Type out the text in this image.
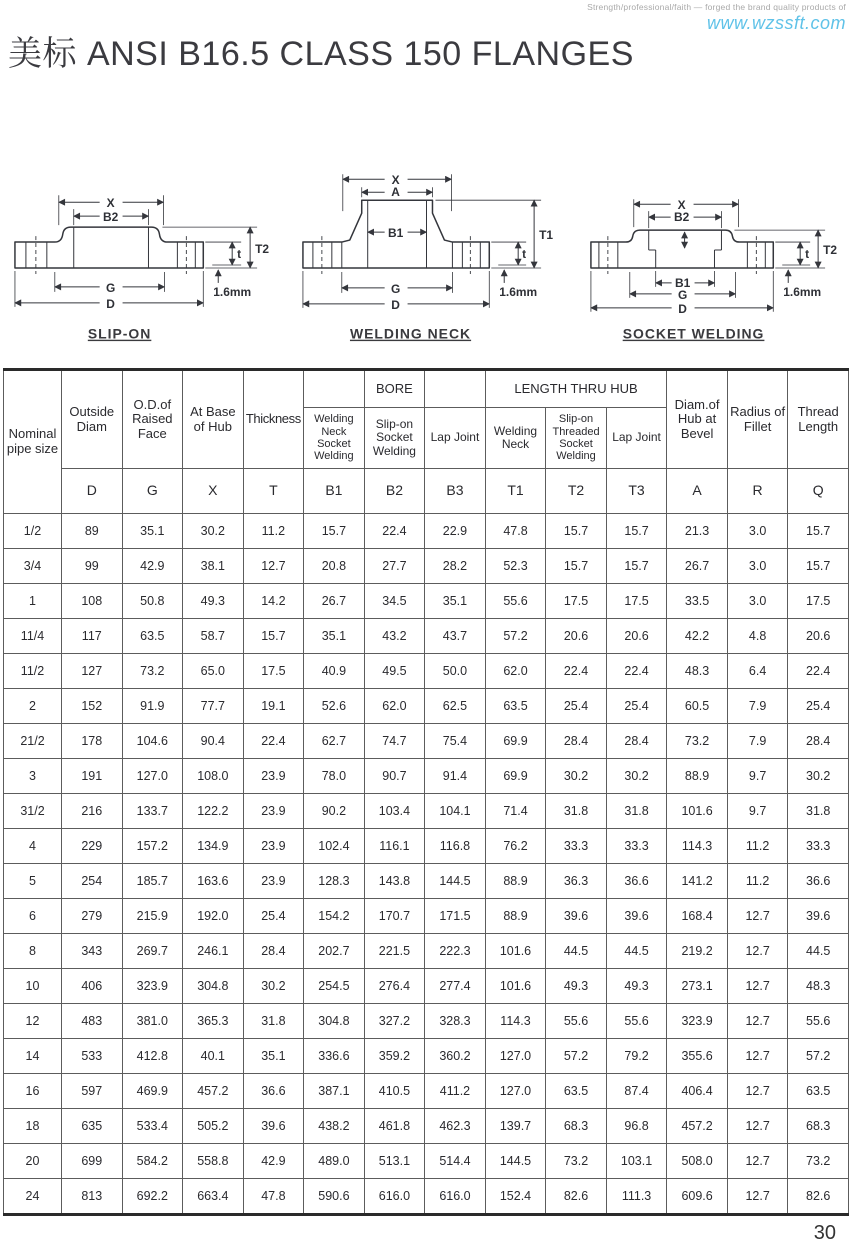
Strength/professional/faith — forged the brand quality products of
www.wzssft.com
美标 ANSI B16.5 CLASS 150 FLANGES
X
B2
t T2
1.6mm
G
D
SLIP-ON
X
A
B1	T1
t
1.6mm
G
D
WELDING NECK
X
B2
t T2
1.6mm
B1
G
D
SOCKET WELDING
Nominal pipe size	Outside Diam	O.D.of Raised Face	At Base of Hub	Thickness		BORE		LENGTH THRU HUB			Diam.of Hub at Bevel	Radius of Fillet	Thread Length
					Welding Neck Socket Welding	Slip-on Socket Welding	Lap Joint	Welding Neck	Slip-on Threaded Socket Welding	Lap Joint			
	D	G	X	T	B1	B2	B3	T1	T2	T3	A	R	Q
1/2	89	35.1	30.2	11.2	15.7	22.4	22.9	47.8	15.7	15.7	21.3	3.0	15.7
3/4	99	42.9	38.1	12.7	20.8	27.7	28.2	52.3	15.7	15.7	26.7	3.0	15.7
1	108	50.8	49.3	14.2	26.7	34.5	35.1	55.6	17.5	17.5	33.5	3.0	17.5
11/4	117	63.5	58.7	15.7	35.1	43.2	43.7	57.2	20.6	20.6	42.2	4.8	20.6
11/2	127	73.2	65.0	17.5	40.9	49.5	50.0	62.0	22.4	22.4	48.3	6.4	22.4
2	152	91.9	77.7	19.1	52.6	62.0	62.5	63.5	25.4	25.4	60.5	7.9	25.4
21/2	178	104.6	90.4	22.4	62.7	74.7	75.4	69.9	28.4	28.4	73.2	7.9	28.4
3	191	127.0	108.0	23.9	78.0	90.7	91.4	69.9	30.2	30.2	88.9	9.7	30.2
31/2	216	133.7	122.2	23.9	90.2	103.4	104.1	71.4	31.8	31.8	101.6	9.7	31.8
4	229	157.2	134.9	23.9	102.4	116.1	116.8	76.2	33.3	33.3	114.3	11.2	33.3
5	254	185.7	163.6	23.9	128.3	143.8	144.5	88.9	36.3	36.6	141.2	11.2	36.6
6	279	215.9	192.0	25.4	154.2	170.7	171.5	88.9	39.6	39.6	168.4	12.7	39.6
8	343	269.7	246.1	28.4	202.7	221.5	222.3	101.6	44.5	44.5	219.2	12.7	44.5
10	406	323.9	304.8	30.2	254.5	276.4	277.4	101.6	49.3	49.3	273.1	12.7	48.3
12	483	381.0	365.3	31.8	304.8	327.2	328.3	114.3	55.6	55.6	323.9	12.7	55.6
14	533	412.8	40.1	35.1	336.6	359.2	360.2	127.0	57.2	79.2	355.6	12.7	57.2
16	597	469.9	457.2	36.6	387.1	410.5	411.2	127.0	63.5	87.4	406.4	12.7	63.5
18	635	533.4	505.2	39.6	438.2	461.8	462.3	139.7	68.3	96.8	457.2	12.7	68.3
20	699	584.2	558.8	42.9	489.0	513.1	514.4	144.5	73.2	103.1	508.0	12.7	73.2
24	813	692.2	663.4	47.8	590.6	616.0	616.0	152.4	82.6	111.3	609.6	12.7	82.6
30
